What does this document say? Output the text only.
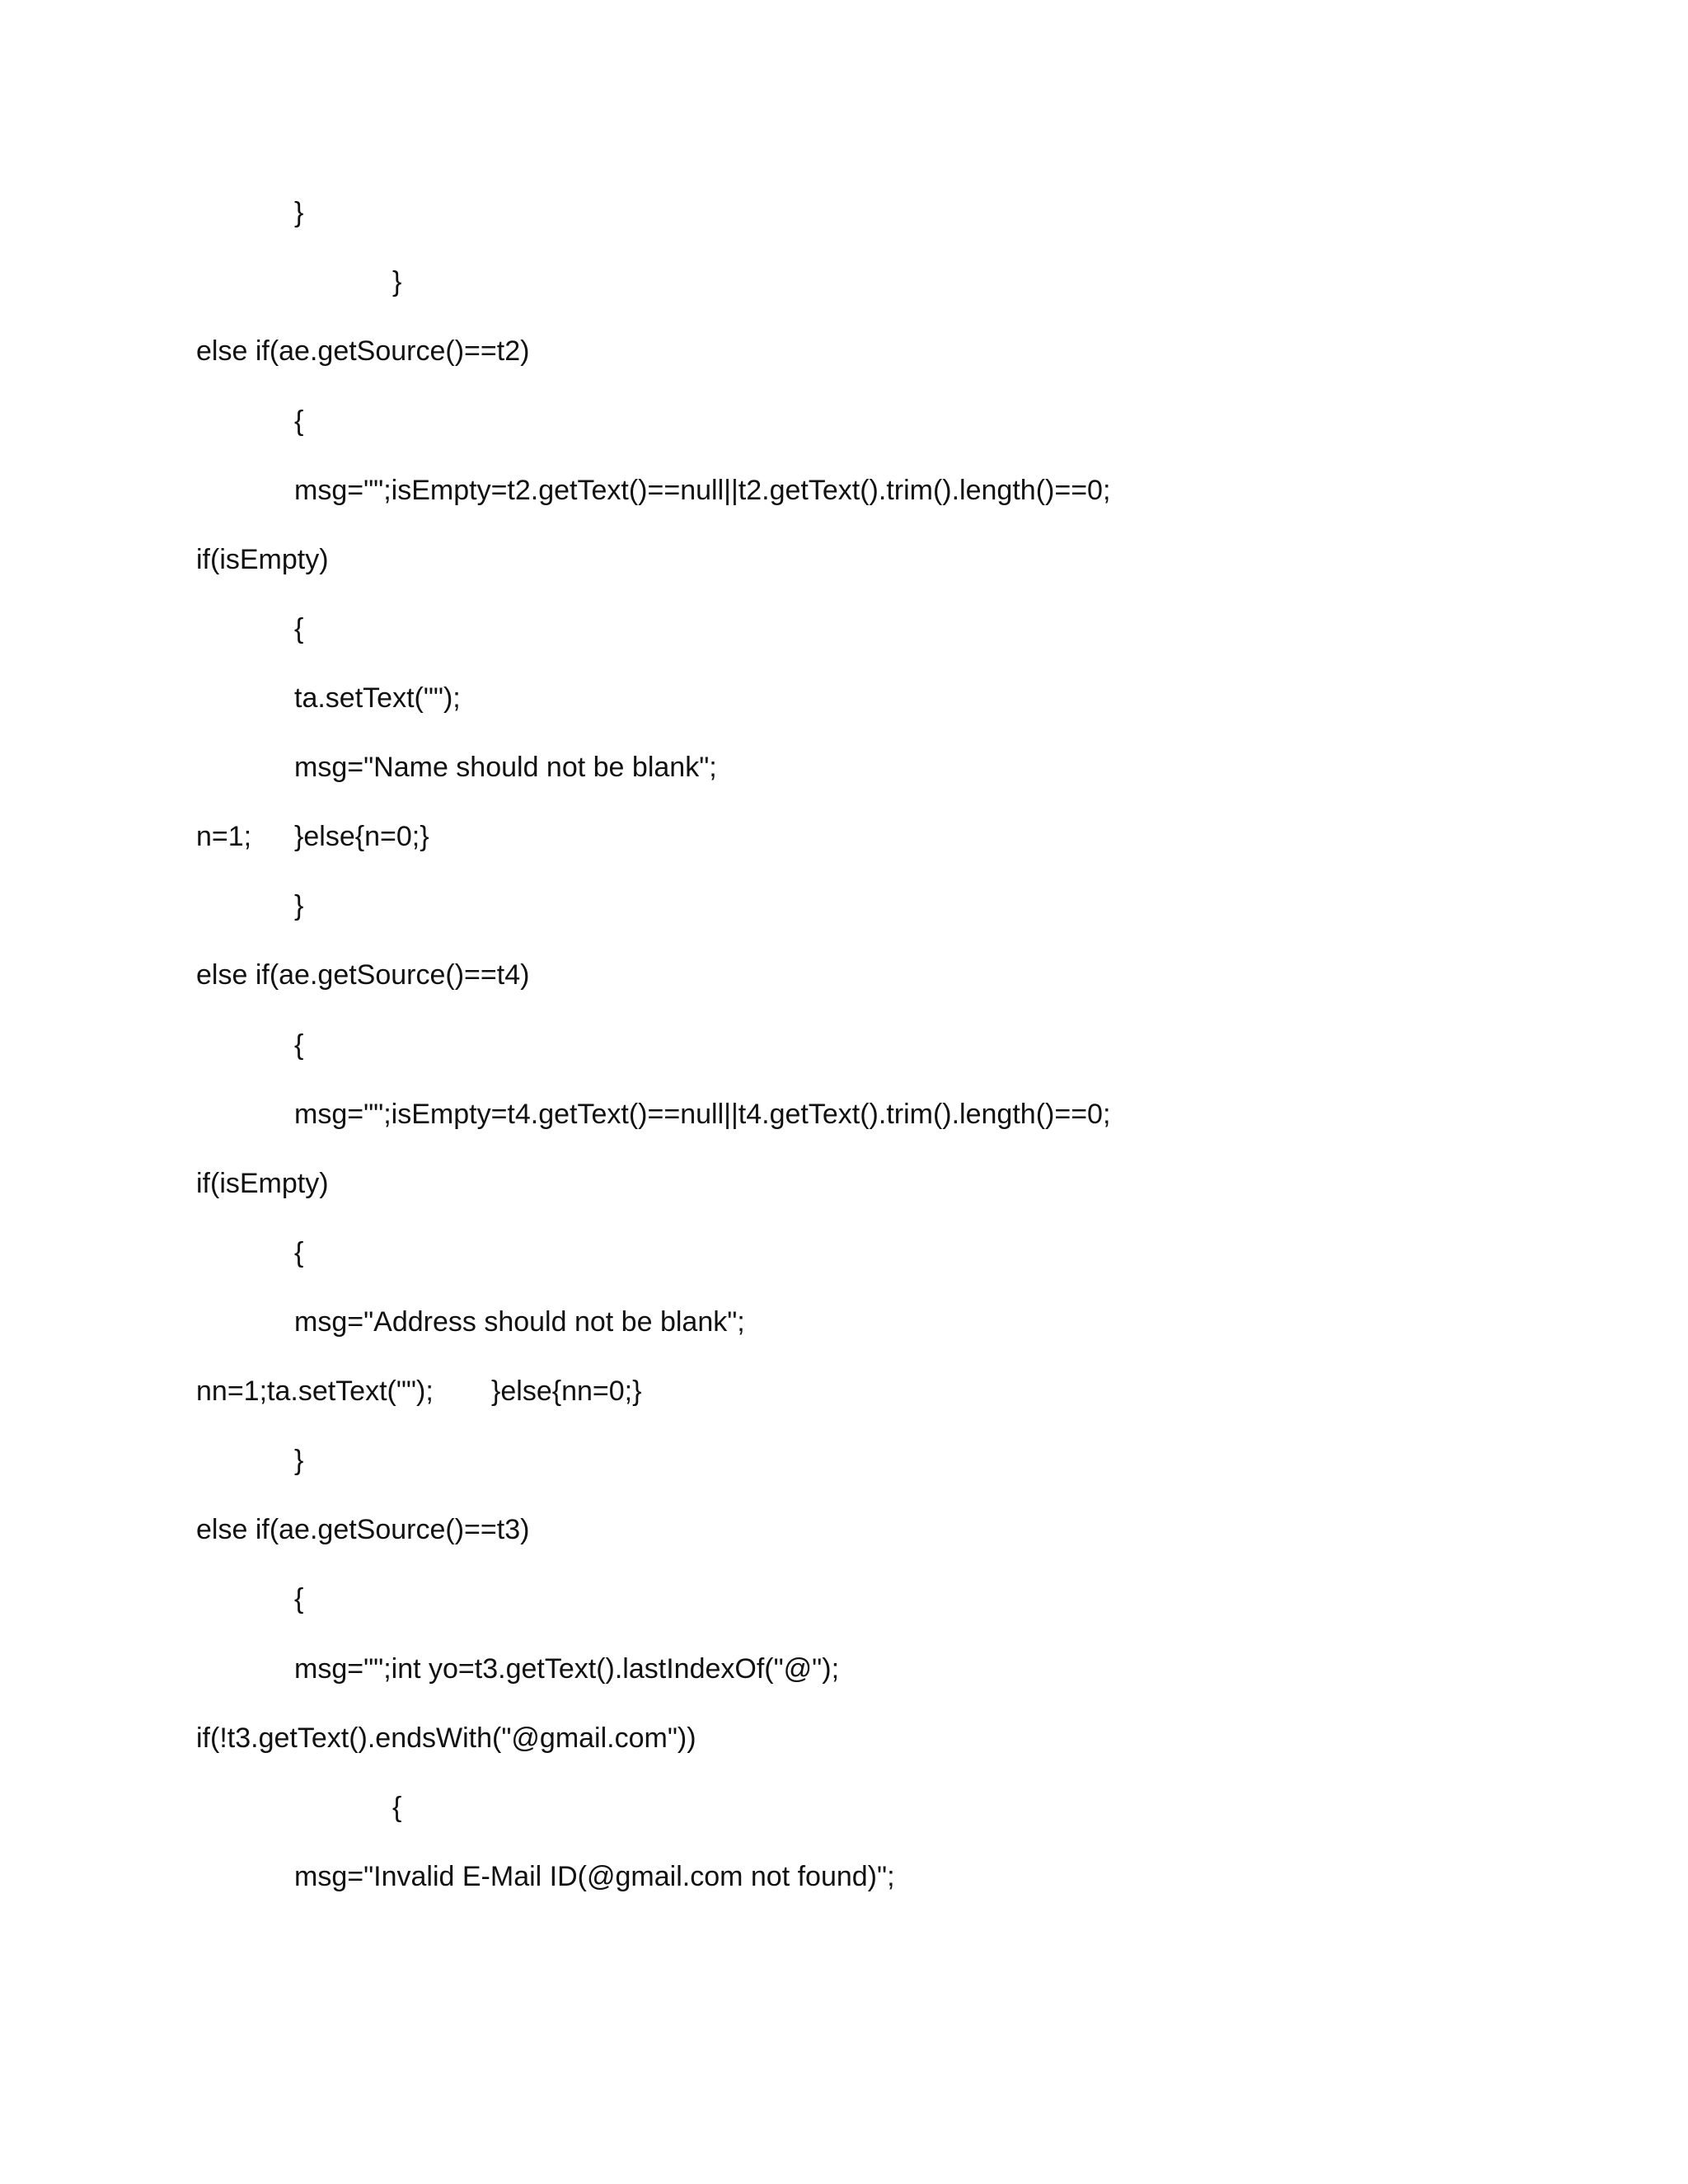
}
}
else if(ae.getSource()==t2)
{
msg="";isEmpty=t2.getText()==null||t2.getText().trim().length()==0;
if(isEmpty)
{
ta.setText("");
msg="Name should not be blank";
n=1; }else{n=0;}
}
else if(ae.getSource()==t4)
{
msg="";isEmpty=t4.getText()==null||t4.getText().trim().length()==0;
if(isEmpty)
{
msg="Address should not be blank";
nn=1;ta.setText(""); }else{nn=0;}
}
else if(ae.getSource()==t3)
{
msg="";int yo=t3.getText().lastIndexOf("@");
if(!t3.getText().endsWith("@gmail.com"))
{
msg="Invalid E-Mail ID(@gmail.com not found)";
